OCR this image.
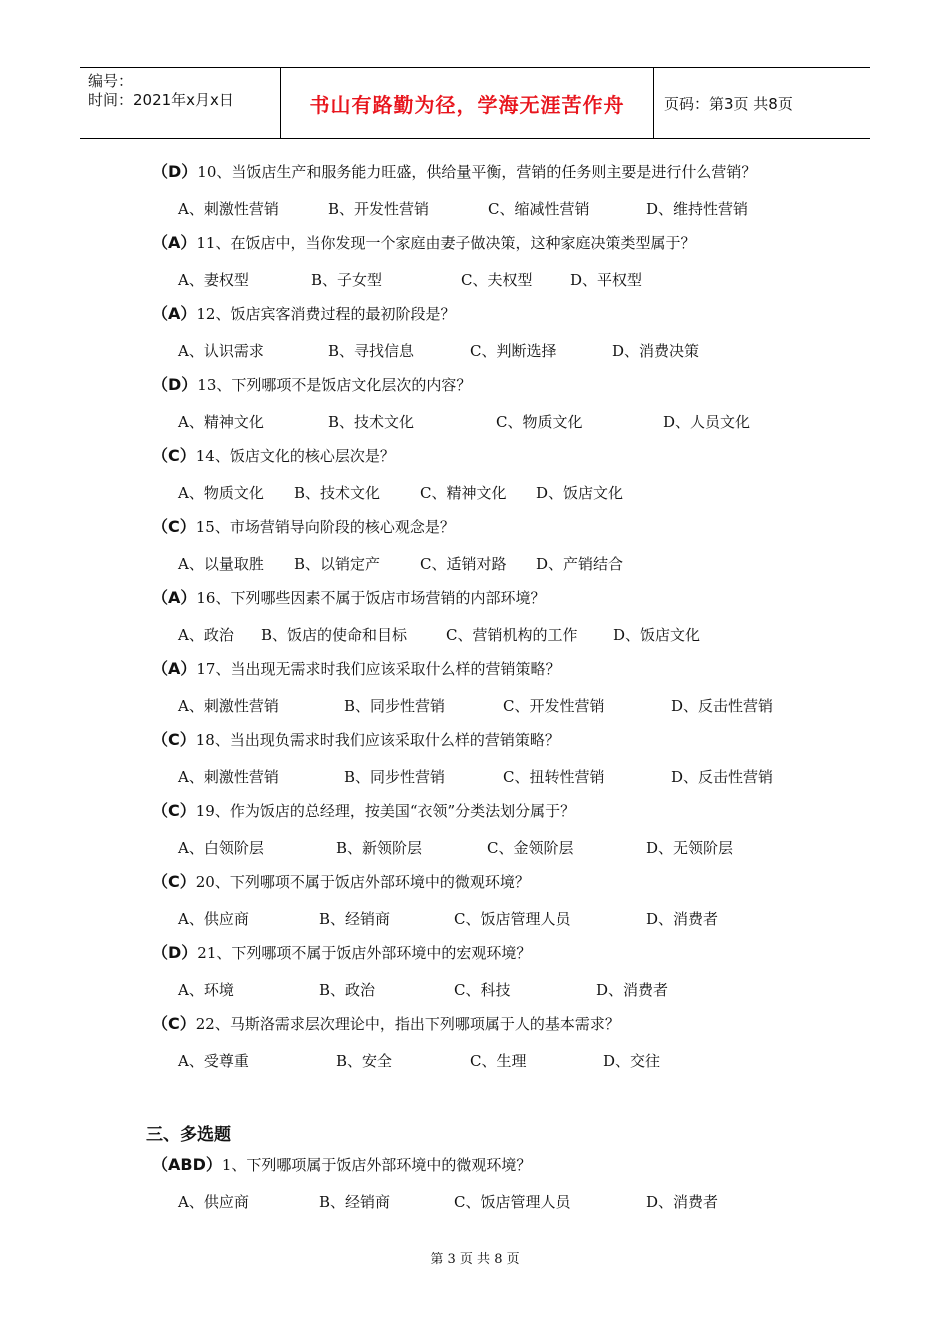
编号：
时间：2021年x月x日	书山有路勤为径，学海无涯苦作舟	页码：第3页 共8页
（D）10、当饭店生产和服务能力旺盛，供给量平衡，营销的任务则主要是进行什么营销？
A、刺激性营销	B、开发性营销	C、缩减性营销	D、维持性营销
（A）11、在饭店中，当你发现一个家庭由妻子做决策，这种家庭决策类型属于？
A、妻权型	B、子女型	C、夫权型	D、平权型
（A）12、饭店宾客消费过程的最初阶段是？
A、认识需求	B、寻找信息	C、判断选择	D、消费决策
（D）13、下列哪项不是饭店文化层次的内容？
A、精神文化	B、技术文化	C、物质文化	D、人员文化
（C）14、饭店文化的核心层次是？
A、物质文化 B、技术文化	C、精神文化 D、饭店文化
（C）15、市场营销导向阶段的核心观念是？
A、以量取胜 B、以销定产	C、适销对路 D、产销结合
（A）16、下列哪些因素不属于饭店市场营销的内部环境？
A、政治 B、饭店的使命和目标	C、营销机构的工作 D、饭店文化
（A）17、当出现无需求时我们应该采取什么样的营销策略？
A、刺激性营销	B、同步性营销	C、开发性营销	D、反击性营销
（C）18、当出现负需求时我们应该采取什么样的营销策略？
A、刺激性营销	B、同步性营销	C、扭转性营销	D、反击性营销
（C）19、作为饭店的总经理，按美国“衣领”分类法划分属于？
A、白领阶层	B、新领阶层	C、金领阶层	D、无领阶层
（C）20、下列哪项不属于饭店外部环境中的微观环境？
A、供应商	B、经销商	C、饭店管理人员	D、消费者
（D）21、下列哪项不属于饭店外部环境中的宏观环境？
A、环境	B、政治	C、科技	D、消费者
（C）22、马斯洛需求层次理论中，指出下列哪项属于人的基本需求？
A、受尊重	B、安全	C、生理	D、交往
（ABD）1、下列哪项属于饭店外部环境中的微观环境？
A、供应商	B、经销商	C、饭店管理人员	D、消费者
三、多选题
第 3 页 共 8 页
